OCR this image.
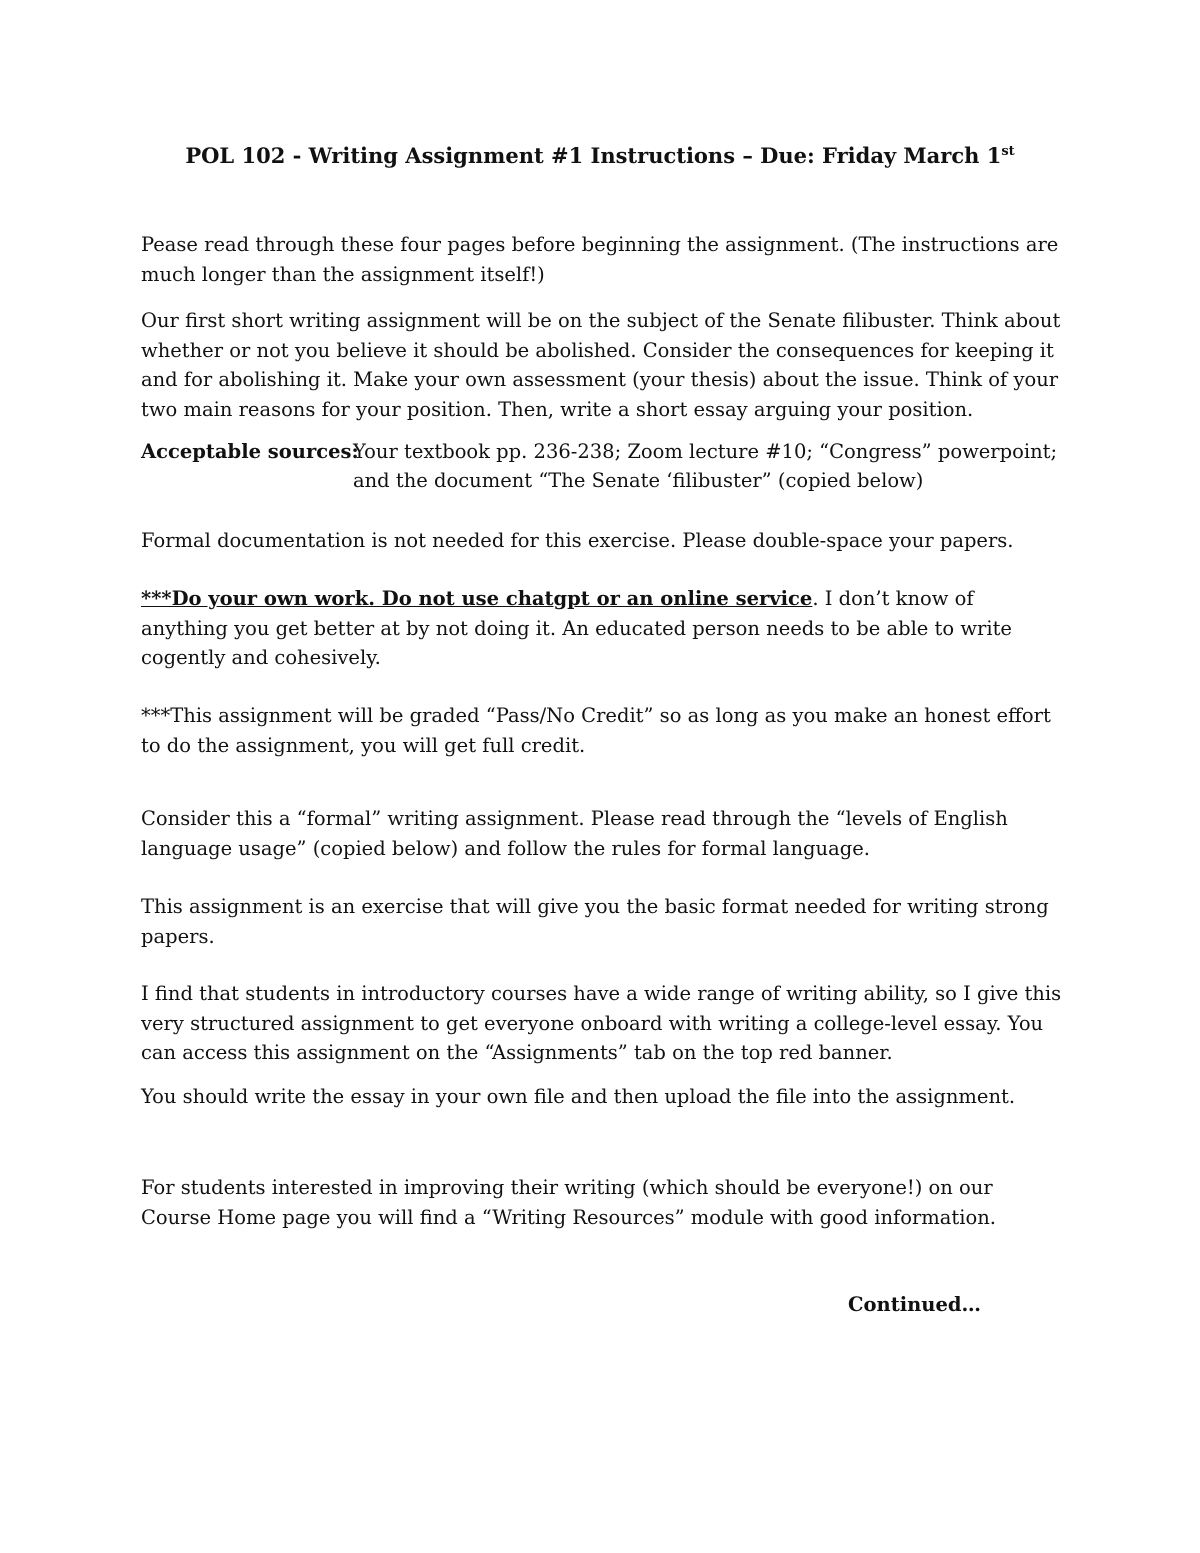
POL 102 - Writing Assignment #1 Instructions – Due: Friday March 1st

Pease read through these four pages before beginning the assignment. (The instructions are much longer than the assignment itself!)

Our first short writing assignment will be on the subject of the Senate filibuster. Think about whether or not you believe it should be abolished. Consider the consequences for keeping it and for abolishing it. Make your own assessment (your thesis) about the issue. Think of your two main reasons for your position. Then, write a short essay arguing your position.

Acceptable sources:
Your textbook pp. 236-238; Zoom lecture #10; “Congress” powerpoint;
and the document “The Senate ‘filibuster” (copied below)

Formal documentation is not needed for this exercise. Please double-space your papers.

***Do your own work. Do not use chatgpt or an online service. I don’t know of anything you get better at by not doing it. An educated person needs to be able to write cogently and cohesively.

***This assignment will be graded “Pass/No Credit” so as long as you make an honest effort to do the assignment, you will get full credit.

Consider this a “formal” writing assignment. Please read through the “levels of English language usage” (copied below) and follow the rules for formal language.

This assignment is an exercise that will give you the basic format needed for writing strong papers.

I find that students in introductory courses have a wide range of writing ability, so I give this very structured assignment to get everyone onboard with writing a college-level essay. You can access this assignment on the “Assignments” tab on the top red banner.

You should write the essay in your own file and then upload the file into the assignment.

For students interested in improving their writing (which should be everyone!) on our Course Home page you will find a “Writing Resources” module with good information.

Continued…
